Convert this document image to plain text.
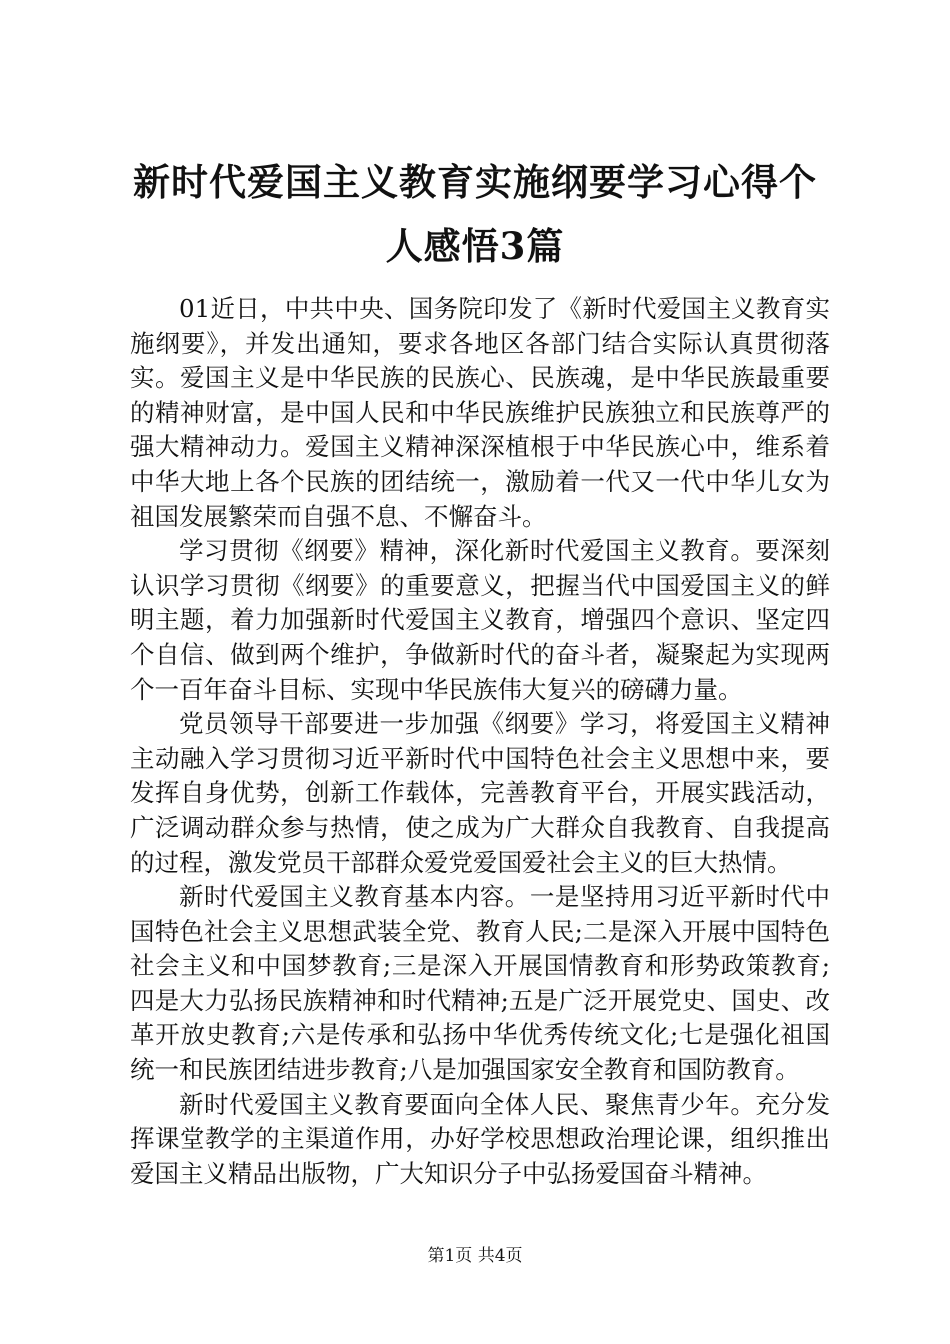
新时代爱国主义教育实施纲要学习心得个人感悟3篇

01近日，中共中央、国务院印发了《新时代爱国主义教育实施纲要》，并发出通知，要求各地区各部门结合实际认真贯彻落实。爱国主义是中华民族的民族心、民族魂，是中华民族最重要的精神财富，是中国人民和中华民族维护民族独立和民族尊严的强大精神动力。爱国主义精神深深植根于中华民族心中，维系着中华大地上各个民族的团结统一，激励着一代又一代中华儿女为祖国发展繁荣而自强不息、不懈奋斗。

学习贯彻《纲要》精神，深化新时代爱国主义教育。要深刻认识学习贯彻《纲要》的重要意义，把握当代中国爱国主义的鲜明主题，着力加强新时代爱国主义教育，增强四个意识、坚定四个自信、做到两个维护，争做新时代的奋斗者，凝聚起为实现两个一百年奋斗目标、实现中华民族伟大复兴的磅礴力量。

党员领导干部要进一步加强《纲要》学习，将爱国主义精神主动融入学习贯彻习近平新时代中国特色社会主义思想中来，要发挥自身优势，创新工作载体，完善教育平台，开展实践活动，广泛调动群众参与热情，使之成为广大群众自我教育、自我提高的过程，激发党员干部群众爱党爱国爱社会主义的巨大热情。

新时代爱国主义教育基本内容。一是坚持用习近平新时代中国特色社会主义思想武装全党、教育人民;二是深入开展中国特色社会主义和中国梦教育;三是深入开展国情教育和形势政策教育;四是大力弘扬民族精神和时代精神;五是广泛开展党史、国史、改革开放史教育;六是传承和弘扬中华优秀传统文化;七是强化祖国统一和民族团结进步教育;八是加强国家安全教育和国防教育。

新时代爱国主义教育要面向全体人民、聚焦青少年。充分发挥课堂教学的主渠道作用，办好学校思想政治理论课，组织推出爱国主义精品出版物，广大知识分子中弘扬爱国奋斗精神。

第1页 共4页
